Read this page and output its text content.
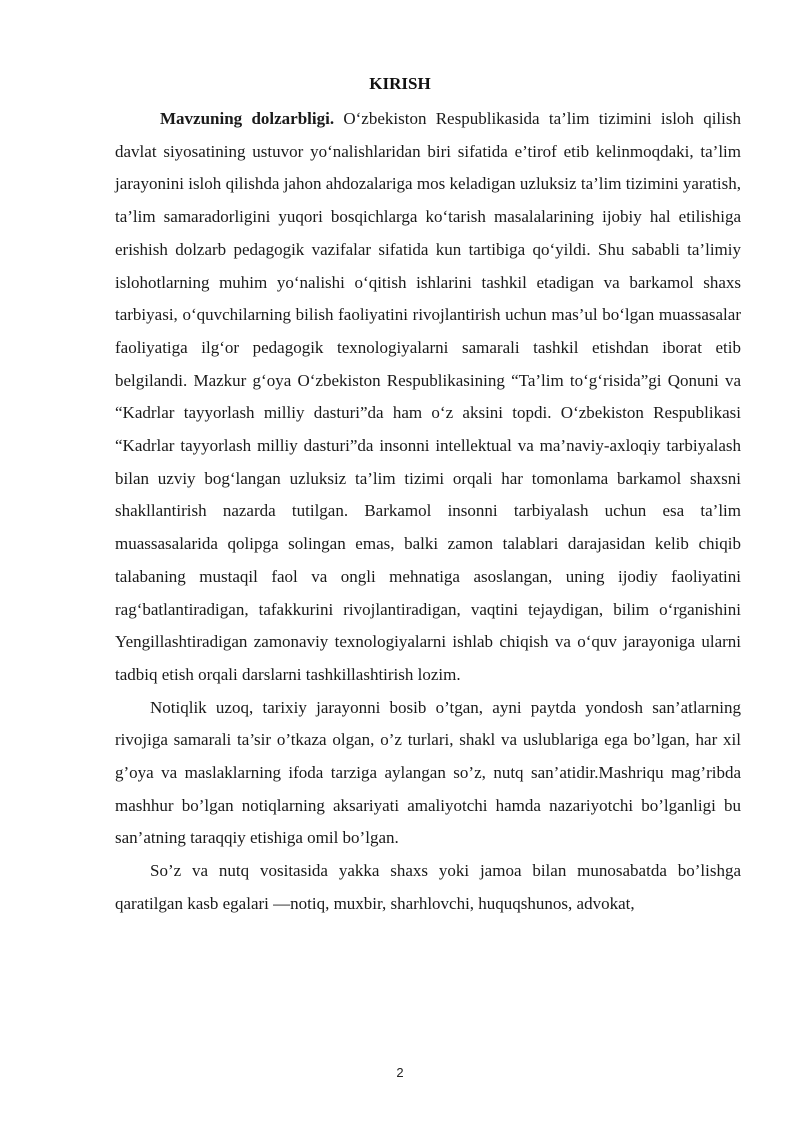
KIRISH

Mavzuning dolzarbligi. O‘zbekiston Respublikasida ta’lim tizimini isloh qilish davlat siyosatining ustuvor yo‘nalishlaridan biri sifatida e’tirof etib kelinmoqdaki, ta’lim jarayonini isloh qilishda jahon ahdozalariga mos keladigan uzluksiz ta’lim tizimini yaratish, ta’lim samaradorligini yuqori bosqichlarga ko‘tarish masalalarining ijobiy hal etilishiga erishish dolzarb pedagogik vazifalar sifatida kun tartibiga qo‘yildi. Shu sababli ta’limiy islohotlarning muhim yo‘nalishi o‘qitish ishlarini tashkil etadigan va barkamol shaxs tarbiyasi, o‘quvchilarning bilish faoliyatini rivojlantirish uchun mas’ul bo‘lgan muassasalar faoliyatiga ilg‘or pedagogik texnologiyalarni samarali tashkil etishdan iborat etib belgilandi. Mazkur g‘oya O‘zbekiston Respublikasining “Ta’lim to‘g‘risida”gi Qonuni va “Kadrlar tayyorlash milliy dasturi”da ham o‘z aksini topdi. O‘zbekiston Respublikasi “Kadrlar tayyorlash milliy dasturi”da insonni intellektual va ma’naviy-axloqiy tarbiyalash bilan uzviy bog‘langan uzluksiz ta’lim tizimi orqali har tomonlama barkamol shaxsni shakllantirish nazarda tutilgan. Barkamol insonni tarbiyalash uchun esa ta’lim muassasalarida qolipga solingan emas, balki zamon talablari darajasidan kelib chiqib talabaning mustaqil faol va ongli mehnatiga asoslangan, uning ijodiy faoliyatini rag‘batlantiradigan, tafakkurini rivojlantiradigan, vaqtini tejaydigan, bilim o‘rganishini Yengillashtiradigan zamonaviy texnologiyalarni ishlab chiqish va o‘quv jarayoniga ularni tadbiq etish orqali darslarni tashkillashtirish lozim.

Notiqlik uzoq, tarixiy jarayonni bosib o’tgan, ayni paytda yondosh san’atlarning rivojiga samarali ta’sir o’tkaza olgan, o’z turlari, shakl va uslublariga ega bo’lgan, har xil g’oya va maslaklarning ifoda tarziga aylangan so’z, nutq san’atidir.Mashriqu mag’ribda mashhur bo’lgan notiqlarning aksariyati amaliyotchi hamda nazariyotchi bo’lganligi bu san’atning taraqqiy etishiga omil bo’lgan.

So’z va nutq vositasida yakka shaxs yoki jamoa bilan munosabatda bo’lishga qaratilgan kasb egalari —notiq, muxbir, sharhlovchi, huquqshunos, advokat,

2
